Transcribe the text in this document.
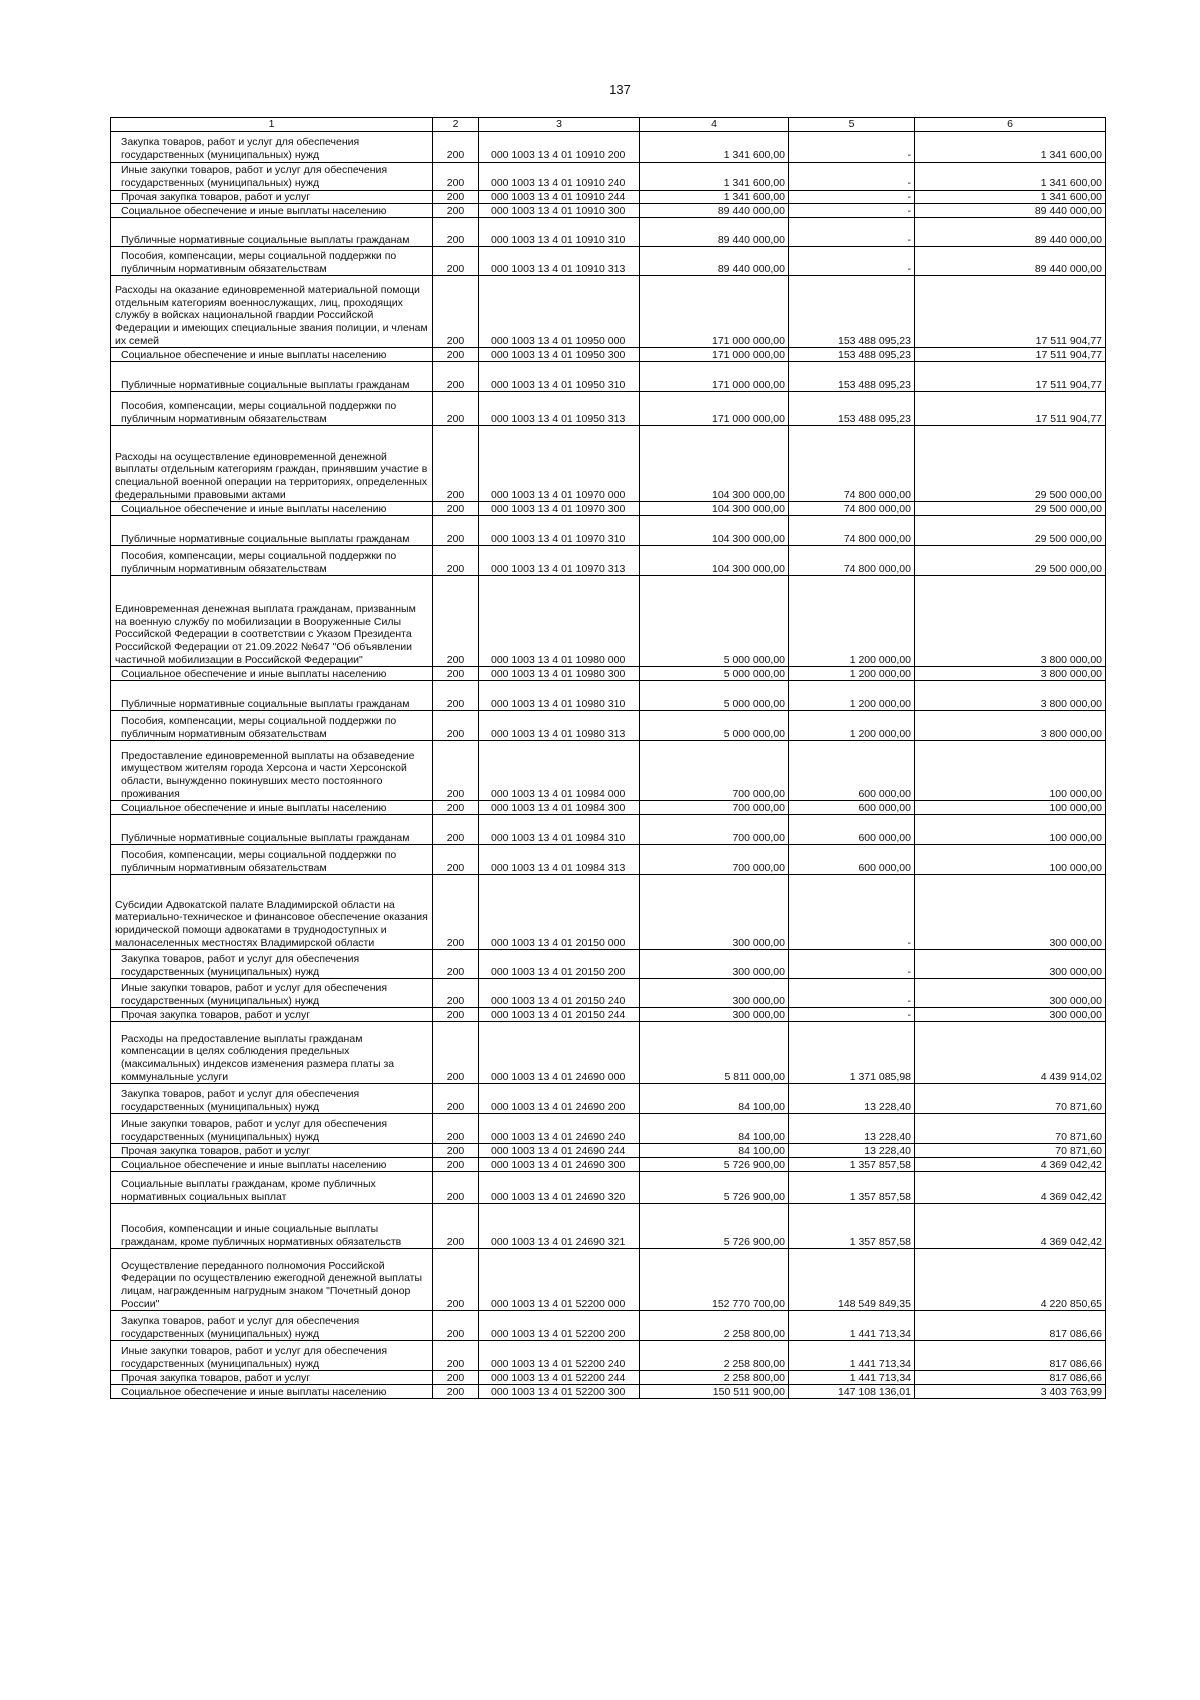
137
1	2	3	4	5	6
Закупка товаров, работ и услуг для обеспечения государственных (муниципальных) нужд	200	000 1003 13 4 01 10910 200	1 341 600,00	-	1 341 600,00
Иные закупки товаров, работ и услуг для обеспечения государственных (муниципальных) нужд	200	000 1003 13 4 01 10910 240	1 341 600,00	-	1 341 600,00
Прочая закупка товаров, работ и услуг	200	000 1003 13 4 01 10910 244	1 341 600,00	-	1 341 600,00
Социальное обеспечение и иные выплаты населению	200	000 1003 13 4 01 10910 300	89 440 000,00	-	89 440 000,00
Публичные нормативные социальные выплаты гражданам	200	000 1003 13 4 01 10910 310	89 440 000,00	-	89 440 000,00
Пособия, компенсации, меры социальной поддержки по публичным нормативным обязательствам	200	000 1003 13 4 01 10910 313	89 440 000,00	-	89 440 000,00
Расходы на оказание единовременной материальной помощи отдельным категориям военнослужащих, лиц, проходящих службу в войсках национальной гвардии Российской Федерации и имеющих специальные звания полиции, и членам их семей	200	000 1003 13 4 01 10950 000	171 000 000,00	153 488 095,23	17 511 904,77
Социальное обеспечение и иные выплаты населению	200	000 1003 13 4 01 10950 300	171 000 000,00	153 488 095,23	17 511 904,77
Публичные нормативные социальные выплаты гражданам	200	000 1003 13 4 01 10950 310	171 000 000,00	153 488 095,23	17 511 904,77
Пособия, компенсации, меры социальной поддержки по публичным нормативным обязательствам	200	000 1003 13 4 01 10950 313	171 000 000,00	153 488 095,23	17 511 904,77
Расходы на осуществление единовременной денежной выплаты отдельным категориям граждан, принявшим участие в специальной военной операции на территориях, определенных федеральными правовыми актами	200	000 1003 13 4 01 10970 000	104 300 000,00	74 800 000,00	29 500 000,00
Социальное обеспечение и иные выплаты населению	200	000 1003 13 4 01 10970 300	104 300 000,00	74 800 000,00	29 500 000,00
Публичные нормативные социальные выплаты гражданам	200	000 1003 13 4 01 10970 310	104 300 000,00	74 800 000,00	29 500 000,00
Пособия, компенсации, меры социальной поддержки по публичным нормативным обязательствам	200	000 1003 13 4 01 10970 313	104 300 000,00	74 800 000,00	29 500 000,00
Единовременная денежная выплата гражданам, призванным на военную службу по мобилизации в Вооруженные Силы Российской Федерации в соответствии с Указом Президента Российской Федерации от 21.09.2022 №647 "Об объявлении частичной мобилизации в Российской Федерации"	200	000 1003 13 4 01 10980 000	5 000 000,00	1 200 000,00	3 800 000,00
Социальное обеспечение и иные выплаты населению	200	000 1003 13 4 01 10980 300	5 000 000,00	1 200 000,00	3 800 000,00
Публичные нормативные социальные выплаты гражданам	200	000 1003 13 4 01 10980 310	5 000 000,00	1 200 000,00	3 800 000,00
Пособия, компенсации, меры социальной поддержки по публичным нормативным обязательствам	200	000 1003 13 4 01 10980 313	5 000 000,00	1 200 000,00	3 800 000,00
Предоставление единовременной выплаты на обзаведение имуществом жителям города Херсона и части Херсонской области, вынужденно покинувших место постоянного проживания	200	000 1003 13 4 01 10984 000	700 000,00	600 000,00	100 000,00
Социальное обеспечение и иные выплаты населению	200	000 1003 13 4 01 10984 300	700 000,00	600 000,00	100 000,00
Публичные нормативные социальные выплаты гражданам	200	000 1003 13 4 01 10984 310	700 000,00	600 000,00	100 000,00
Пособия, компенсации, меры социальной поддержки по публичным нормативным обязательствам	200	000 1003 13 4 01 10984 313	700 000,00	600 000,00	100 000,00
Субсидии Адвокатской палате Владимирской области на материально-техническое и финансовое обеспечение оказания юридической помощи адвокатами в труднодоступных и малонаселенных местностях Владимирской области	200	000 1003 13 4 01 20150 000	300 000,00	-	300 000,00
Закупка товаров, работ и услуг для обеспечения государственных (муниципальных) нужд	200	000 1003 13 4 01 20150 200	300 000,00	-	300 000,00
Иные закупки товаров, работ и услуг для обеспечения государственных (муниципальных) нужд	200	000 1003 13 4 01 20150 240	300 000,00	-	300 000,00
Прочая закупка товаров, работ и услуг	200	000 1003 13 4 01 20150 244	300 000,00	-	300 000,00
Расходы на предоставление выплаты гражданам компенсации в целях соблюдения предельных (максимальных) индексов изменения размера платы за коммунальные услуги	200	000 1003 13 4 01 24690 000	5 811 000,00	1 371 085,98	4 439 914,02
Закупка товаров, работ и услуг для обеспечения государственных (муниципальных) нужд	200	000 1003 13 4 01 24690 200	84 100,00	13 228,40	70 871,60
Иные закупки товаров, работ и услуг для обеспечения государственных (муниципальных) нужд	200	000 1003 13 4 01 24690 240	84 100,00	13 228,40	70 871,60
Прочая закупка товаров, работ и услуг	200	000 1003 13 4 01 24690 244	84 100,00	13 228,40	70 871,60
Социальное обеспечение и иные выплаты населению	200	000 1003 13 4 01 24690 300	5 726 900,00	1 357 857,58	4 369 042,42
Социальные выплаты гражданам, кроме публичных нормативных социальных выплат	200	000 1003 13 4 01 24690 320	5 726 900,00	1 357 857,58	4 369 042,42
Пособия, компенсации и иные социальные выплаты гражданам, кроме публичных нормативных обязательств	200	000 1003 13 4 01 24690 321	5 726 900,00	1 357 857,58	4 369 042,42
Осуществление переданного полномочия Российской Федерации по осуществлению ежегодной денежной выплаты лицам, награжденным нагрудным знаком "Почетный донор России"	200	000 1003 13 4 01 52200 000	152 770 700,00	148 549 849,35	4 220 850,65
Закупка товаров, работ и услуг для обеспечения государственных (муниципальных) нужд	200	000 1003 13 4 01 52200 200	2 258 800,00	1 441 713,34	817 086,66
Иные закупки товаров, работ и услуг для обеспечения государственных (муниципальных) нужд	200	000 1003 13 4 01 52200 240	2 258 800,00	1 441 713,34	817 086,66
Прочая закупка товаров, работ и услуг	200	000 1003 13 4 01 52200 244	2 258 800,00	1 441 713,34	817 086,66
Социальное обеспечение и иные выплаты населению	200	000 1003 13 4 01 52200 300	150 511 900,00	147 108 136,01	3 403 763,99
